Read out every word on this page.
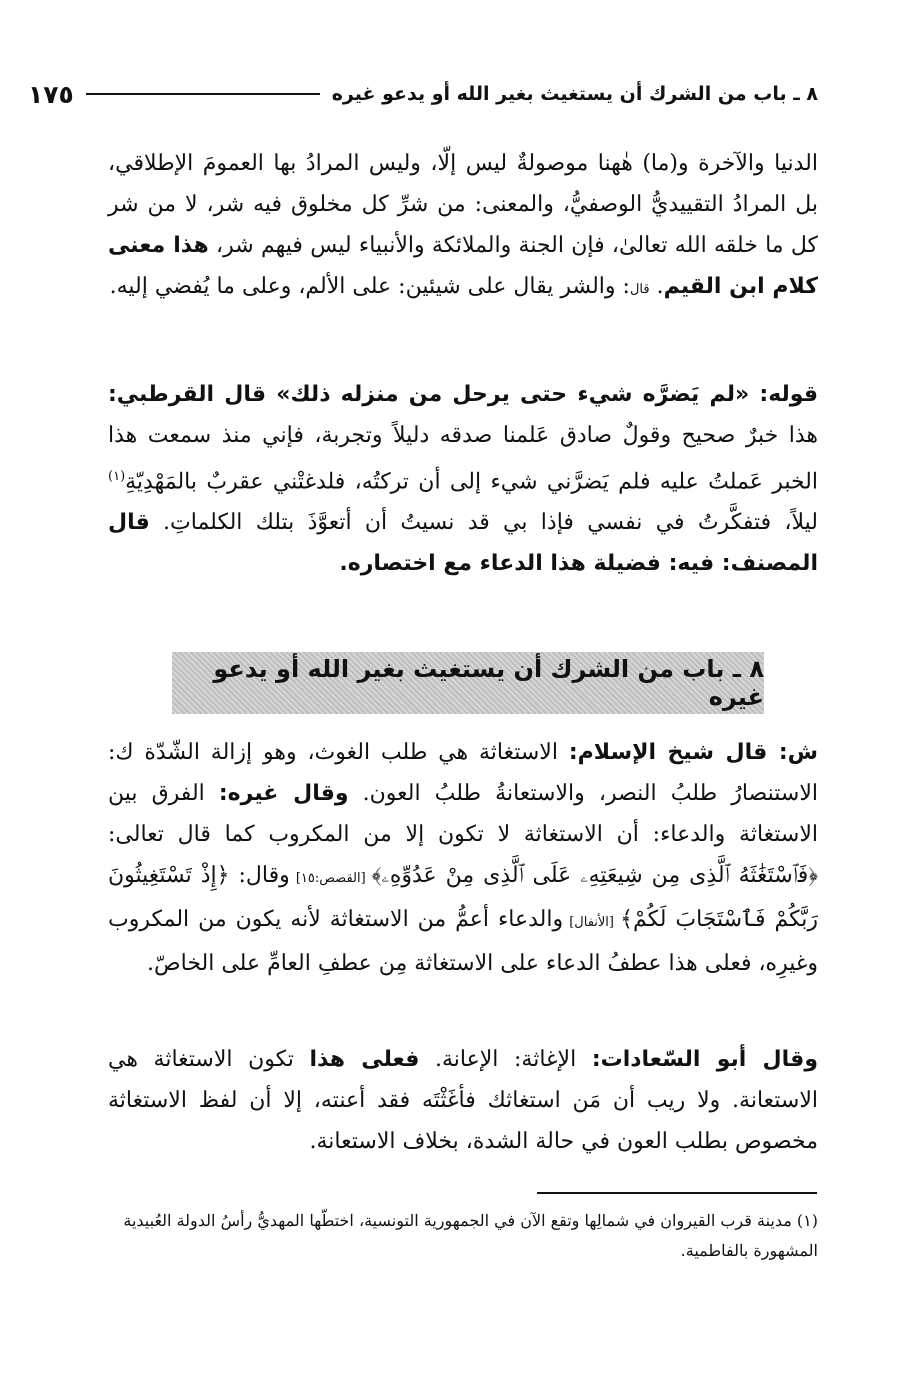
٨ ـ باب من الشرك أن يستغيث بغير الله أو يدعو غيره
١٧٥

الدنيا والآخرة و(ما) هٰهنا موصولةٌ ليس إلّا، وليس المرادُ بها العمومَ الإطلاقي، بل المرادُ التقييديُّ الوصفيُّ، والمعنى: من شرِّ كل مخلوق فيه شر، لا من شر كل ما خلقه الله تعالىٰ، فإن الجنة والملائكة والأنبياء ليس فيهم شر، هذا معنى كلام ابن القيم. قال: والشر يقال على شيئين: على الألم، وعلى ما يُفضي إليه.

قوله: «لم يَضرَّه شيء حتى يرحل من منزله ذلك» قال القرطبي: هذا خبرٌ صحيح وقولٌ صادق عَلمنا صدقه دليلاً وتجربة، فإني منذ سمعت هذا الخبر عَملتُ عليه فلم يَضرَّني شيء إلى أن تركتُه، فلدغتْني عقربٌ بالمَهْدِيّةِ$^{(١)}$ ليلاً، فتفكَّرتُ في نفسي فإذا بي قد نسيتُ أن أتعوَّذَ بتلك الكلماتِ. قال المصنف: فيه: فضيلة هذا الدعاء مع اختصاره.

٨ ـ باب من الشرك أن يستغيث بغير الله أو يدعو غيره

ش: قال شيخ الإسلام: الاستغاثة هي طلب الغوث، وهو إزالة الشّدّة ك: الاستنصارُ طلبُ النصر، والاستعانةُ طلبُ العون. وقال غيره: الفرق بين الاستغاثة والدعاء: أن الاستغاثة لا تكون إلا من المكروب كما قال تعالى: ﴿فَٱسْتَغَٰثَهُ ٱلَّذِى مِن شِيعَتِهِۦ عَلَى ٱلَّذِى مِنْ عَدُوِّهِۦ﴾ [القصص:١٥] وقال: ﴿إِذْ تَسْتَغِيثُونَ رَبَّكُمْ فَٱسْتَجَابَ لَكُمْ﴾ [الأنفال] والدعاء أعمُّ من الاستغاثة لأنه يكون من المكروب وغيرِه، فعلى هذا عطفُ الدعاء على الاستغاثة مِن عطفِ العامِّ على الخاصّ.

وقال أبو السّعادات: الإغاثة: الإعانة. فعلى هذا تكون الاستغاثة هي الاستعانة. ولا ريب أن مَن استغاثك فأغَثْتَه فقد أعنته، إلا أن لفظ الاستغاثة مخصوص بطلب العون في حالة الشدة، بخلاف الاستعانة.

(١) مدينة قرب القيروان في شمالِها وتقع الآن في الجمهورية التونسية، اختطّها المهديُّ رأسُ الدولة العُبيدية المشهورة بالفاطمية.
